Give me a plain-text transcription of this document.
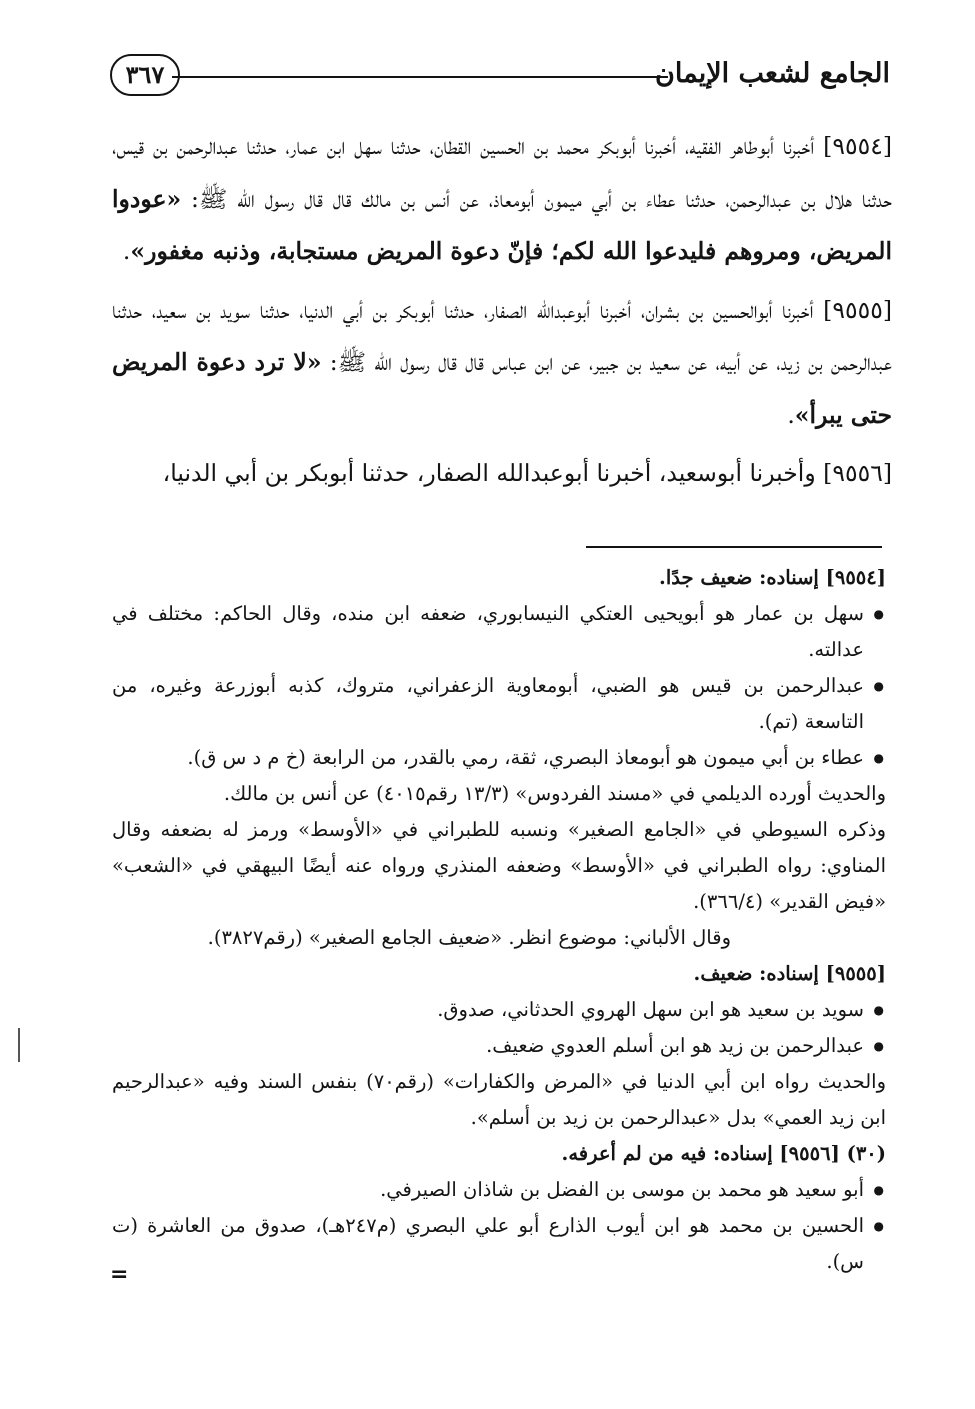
الجامع لشعب الإيمان
٣٦٧

[٩٥٥٤] أخبرنا أبوطاهر الفقيه، أخبرنا أبوبكر محمد بن الحسين القطان، حدثنا سهل ابن عمار، حدثنا عبدالرحمن بن قيس، حدثنا هلال بن عبدالرحمن، حدثنا عطاء بن أبي ميمون أبومعاذ، عن أنس بن مالك قال قال رسول الله ﷺ: «عودوا المريض، ومروهم فليدعوا الله لكم؛ فإنّ دعوة المريض مستجابة، وذنبه مغفور».

[٩٥٥٥] أخبرنا أبوالحسين بن بشران، أخبرنا أبوعبدالله الصفار، حدثنا أبوبكر بن أبي الدنيا، حدثنا سويد بن سعيد، حدثنا عبدالرحمن بن زيد، عن أبيه، عن سعيد بن جبير، عن ابن عباس قال قال رسول الله ﷺ: «لا ترد دعوة المريض حتى يبرأ».

[٩٥٥٦] وأخبرنا أبوسعيد، أخبرنا أبوعبدالله الصفار، حدثنا أبوبكر بن أبي الدنيا،

[٩٥٥٤] إسناده: ضعيف جدًا.

● سهل بن عمار هو أبويحيى العتكي النيسابوري، ضعفه ابن منده، وقال الحاكم: مختلف في عدالته.

● عبدالرحمن بن قيس هو الضبي، أبومعاوية الزعفراني، متروك، كذبه أبوزرعة وغيره، من التاسعة (تم).

● عطاء بن أبي ميمون هو أبومعاذ البصري، ثقة، رمي بالقدر، من الرابعة (خ م د س ق).

والحديث أورده الديلمي في «مسند الفردوس» (١٣/٣ رقم٤٠١٥) عن أنس بن مالك.

وذكره السيوطي في «الجامع الصغير» ونسبه للطبراني في «الأوسط» ورمز له بضعفه وقال المناوي: رواه الطبراني في «الأوسط» وضعفه المنذري ورواه عنه أيضًا البيهقي في «الشعب» «فيض القدير» (٣٦٦/٤).

وقال الألباني: موضوع انظر. «ضعيف الجامع الصغير» (رقم٣٨٢٧).

[٩٥٥٥] إسناده: ضعيف.

● سويد بن سعيد هو ابن سهل الهروي الحدثاني، صدوق.

● عبدالرحمن بن زيد هو ابن أسلم العدوي ضعيف.

والحديث رواه ابن أبي الدنيا في «المرض والكفارات» (رقم٧٠) بنفس السند وفيه «عبدالرحيم ابن زيد العمي» بدل «عبدالرحمن بن زيد بن أسلم».

(٣٠) [٩٥٥٦] إسناده: فيه من لم أعرفه.

● أبو سعيد هو محمد بن موسى بن الفضل بن شاذان الصيرفي.

● الحسين بن محمد هو ابن أيوب الذارع أبو علي البصري (م٢٤٧هـ)، صدوق من العاشرة (ت س).

=
